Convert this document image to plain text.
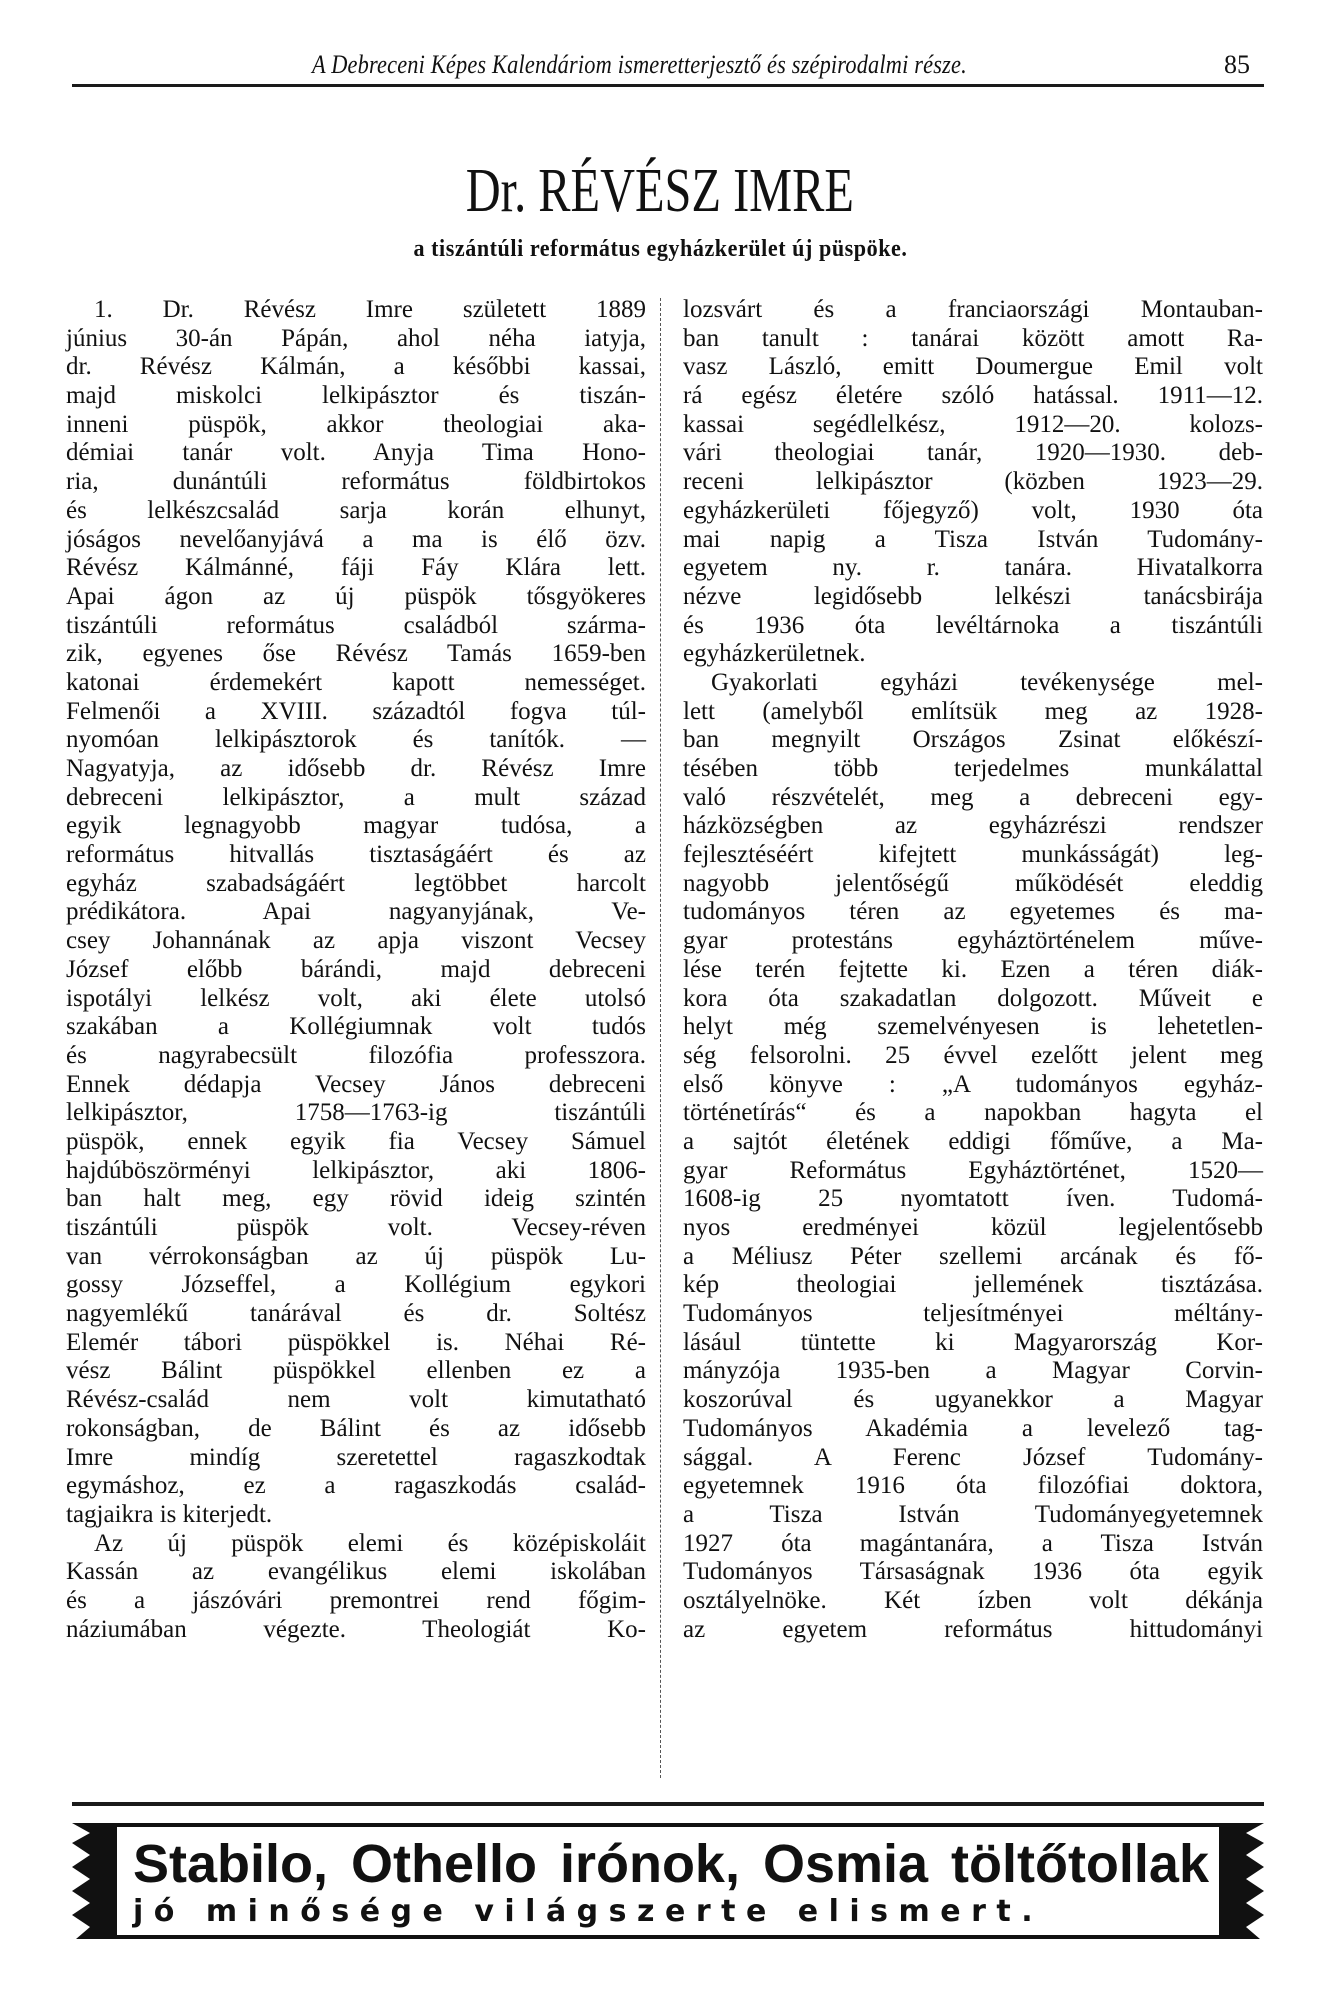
A Debreceni Képes Kalendáriom ismeretterjesztő és szépirodalmi része.	85
Dr. RÉVÉSZ IMRE
a tiszántúli református egyházkerület új püspöke.
1. Dr. Révész Imre született 1889
június 30-án Pápán, ahol néha iatyja,
dr. Révész Kálmán, a későbbi kassai,
majd miskolci lelkipásztor és tiszán-
inneni püspök, akkor theologiai aka-
démiai tanár volt. Anyja Tima Hono-
ria, dunántúli református földbirtokos
és lelkészcsalád sarja korán elhunyt,
jóságos nevelőanyjává a ma is élő özv.
Révész Kálmánné, fáji Fáy Klára lett.
Apai ágon az új püspök tősgyökeres
tiszántúli református családból szárma-
zik, egyenes őse Révész Tamás 1659-ben
katonai érdemekért kapott nemességet.
Felmenői a XVIII. századtól fogva túl-
nyomóan lelkipásztorok és tanítók. —
Nagyatyja, az idősebb dr. Révész Imre
debreceni lelkipásztor, a mult század
egyik legnagyobb magyar tudósa, a
református hitvallás tisztaságáért és az
egyház szabadságáért legtöbbet harcolt
prédikátora. Apai nagyanyjának, Ve-
csey Johannának az apja viszont Vecsey
József előbb bárándi, majd debreceni
ispotályi lelkész volt, aki élete utolsó
szakában a Kollégiumnak volt tudós
és nagyrabecsült filozófia professzora.
Ennek dédapja Vecsey János debreceni
lelkipásztor, 1758—1763-ig tiszántúli
püspök, ennek egyik fia Vecsey Sámuel
hajdúböszörményi lelkipásztor, aki 1806-
ban halt meg, egy rövid ideig szintén
tiszántúli püspök volt. Vecsey-réven
van vérrokonságban az új püspök Lu-
gossy Józseffel, a Kollégium egykori
nagyemlékű tanárával és dr. Soltész
Elemér tábori püspökkel is. Néhai Ré-
vész Bálint püspökkel ellenben ez a
Révész-család nem volt kimutatható
rokonságban, de Bálint és az idősebb
Imre mindíg szeretettel ragaszkodtak
egymáshoz, ez a ragaszkodás család-
tagjaikra is kiterjedt.
Az új püspök elemi és középiskoláit
Kassán az evangélikus elemi iskolában
és a jászóvári premontrei rend főgim-
náziumában végezte. Theologiát Ko-
lozsvárt és a franciaországi Montauban-
ban tanult : tanárai között amott Ra-
vasz László, emitt Doumergue Emil volt
rá egész életére szóló hatással. 1911—12.
kassai segédlelkész, 1912—20. kolozs-
vári theologiai tanár, 1920—1930. deb-
receni lelkipásztor (közben 1923—29.
egyházkerületi főjegyző) volt, 1930 óta
mai napig a Tisza István Tudomány-
egyetem ny. r. tanára. Hivatalkorra
nézve legidősebb lelkészi tanácsbirája
és 1936 óta levéltárnoka a tiszántúli
egyházkerületnek.
Gyakorlati egyházi tevékenysége mel-
lett (amelyből említsük meg az 1928-
ban megnyilt Országos Zsinat előkészí-
tésében több terjedelmes munkálattal
való részvételét, meg a debreceni egy-
házközségben az egyházrészi rendszer
fejlesztéséért kifejtett munkásságát) leg-
nagyobb jelentőségű működését eleddig
tudományos téren az egyetemes és ma-
gyar protestáns egyháztörténelem műve-
lése terén fejtette ki. Ezen a téren diák-
kora óta szakadatlan dolgozott. Műveit e
helyt még szemelvényesen is lehetetlen-
ség felsorolni. 25 évvel ezelőtt jelent meg
első könyve : „A tudományos egyház-
történetírás“ és a napokban hagyta el
a sajtót életének eddigi főműve, a Ma-
gyar Református Egyháztörténet, 1520—
1608-ig 25 nyomtatott íven. Tudomá-
nyos eredményei közül legjelentősebb
a Méliusz Péter szellemi arcának és fő-
kép theologiai jellemének tisztázása.
Tudományos teljesítményei méltány-
lásául tüntette ki Magyarország Kor-
mányzója 1935-ben a Magyar Corvin-
koszorúval és ugyanekkor a Magyar
Tudományos Akadémia a levelező tag-
sággal. A Ferenc József Tudomány-
egyetemnek 1916 óta filozófiai doktora,
a Tisza István Tudományegyetemnek
1927 óta magántanára, a Tisza István
Tudományos Társaságnak 1936 óta egyik
osztályelnöke. Két ízben volt dékánja
az egyetem református hittudományi
Stabilo, Othello irónok, Osmia töltőtollak
jó minősége világszerte elismert.
